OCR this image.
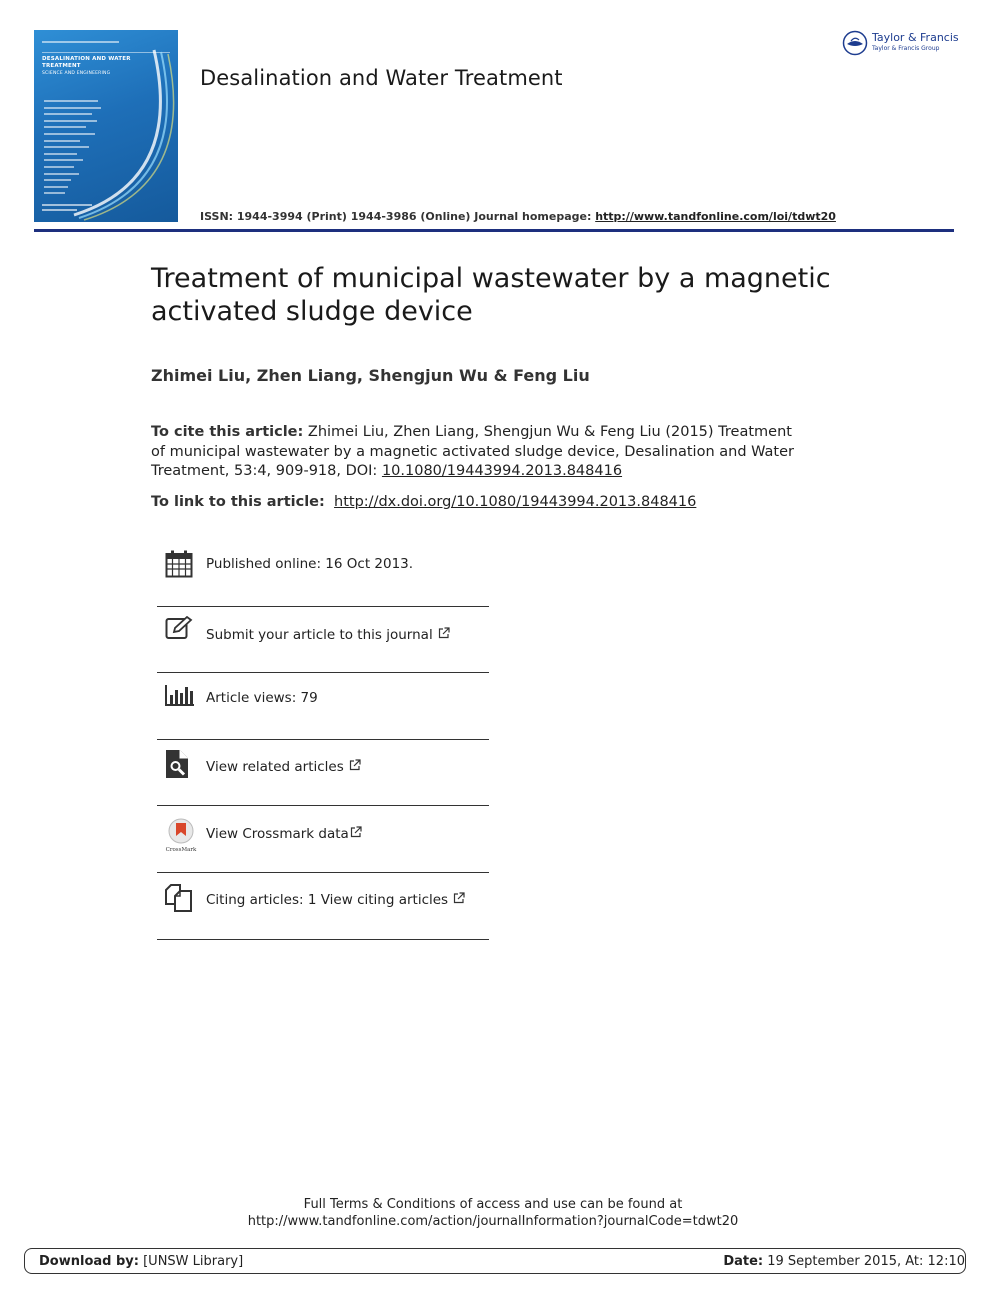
DESALINATION AND WATER TREATMENT
SCIENCE AND ENGINEERING	Desalination and Water Treatment
Taylor & Francis
Taylor & Francis Group
ISSN: 1944-3994 (Print) 1944-3986 (Online) Journal homepage: http://www.tandfonline.com/loi/tdwt20
Treatment of municipal wastewater by a magnetic activated sludge device
Zhimei Liu, Zhen Liang, Shengjun Wu & Feng Liu
To cite this article: Zhimei Liu, Zhen Liang, Shengjun Wu & Feng Liu (2015) Treatment of municipal wastewater by a magnetic activated sludge device, Desalination and Water Treatment, 53:4, 909-918, DOI: 10.1080/19443994.2013.848416
To link to this article: http://dx.doi.org/10.1080/19443994.2013.848416
Published online: 16 Oct 2013.
Submit your article to this journal
Article views: 79
View related articles
CrossMark
View Crossmark data
Citing articles: 1 View citing articles
Full Terms & Conditions of access and use can be found at
http://www.tandfonline.com/action/journalInformation?journalCode=tdwt20
Download by: [UNSW Library]	Date: 19 September 2015, At: 12:10
